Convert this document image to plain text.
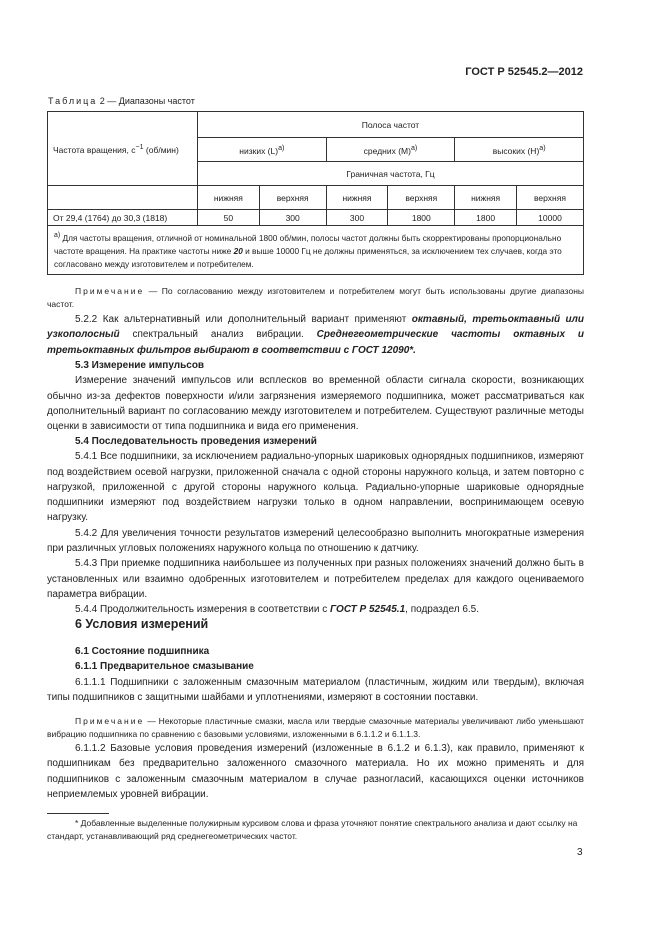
ГОСТ Р 52545.2—2012
Таблица 2 — Диапазоны частот
Частота вращения, $с^{-1}$ (об/мин)	Полоса частот					
	низких $(L)^{a)}$		средних $(M)^{a)}$		высоких $(H)^{a)}$
	Граничная частота, Гц					
	нижняя	верхняя	нижняя	верхняя	нижняя	верхняя
От 29,4 (1764) до 30,3 (1818)	50	300	300	1800	1800	10000
$^{a)}$ Для частоты вращения, отличной от номинальной 1800 об/мин, полосы частот должны быть скорректированы пропорционально частоте вращения. На практике частоты ниже 20 и выше 10000 Гц не должны применяться, за исключением тех случаев, когда это согласовано между изготовителем и потребителем.						

Примечание — По согласованию между изготовителем и потребителем могут быть использованы другие диапазоны частот.

5.2.2 Как альтернативный или дополнительный вариант применяют октавный, третьоктавный или узкополосный спектральный анализ вибрации. Среднегеометрические частоты октавных и третьоктавных фильтров выбирают в соответствии с ГОСТ 12090*.

5.3 Измерение импульсов

Измерение значений импульсов или всплесков во временной области сигнала скорости, возникающих обычно из-за дефектов поверхности и/или загрязнения измеряемого подшипника, может рассматриваться как дополнительный вариант по согласованию между изготовителем и потребителем. Существуют различные методы оценки в зависимости от типа подшипника и вида его применения.

5.4 Последовательность проведения измерений

5.4.1 Все подшипники, за исключением радиально-упорных шариковых однорядных подшипников, измеряют под воздействием осевой нагрузки, приложенной сначала с одной стороны наружного кольца, и затем повторно с нагрузкой, приложенной с другой стороны наружного кольца. Радиально-упорные шариковые однорядные подшипники измеряют под воздействием нагрузки только в одном направлении, воспринимающем осевую нагрузку.

5.4.2 Для увеличения точности результатов измерений целесообразно выполнить многократные измерения при различных угловых положениях наружного кольца по отношению к датчику.

5.4.3 При приемке подшипника наибольшее из полученных при разных положениях значений должно быть в установленных или взаимно одобренных изготовителем и потребителем пределах для каждого оцениваемого параметра вибрации.

5.4.4 Продолжительность измерения в соответствии с ГОСТ Р 52545.1, подраздел 6.5.

6 Условия измерений

6.1 Состояние подшипника

6.1.1 Предварительное смазывание

6.1.1.1 Подшипники с заложенным смазочным материалом (пластичным, жидким или твердым), включая типы подшипников с защитными шайбами и уплотнениями, измеряют в состоянии поставки.

Примечание — Некоторые пластичные смазки, масла или твердые смазочные материалы увеличивают либо уменьшают вибрацию подшипника по сравнению с базовыми условиями, изложенными в 6.1.1.2 и 6.1.1.3.

6.1.1.2 Базовые условия проведения измерений (изложенные в 6.1.2 и 6.1.3), как правило, применяют к подшипникам без предварительно заложенного смазочного материала. Но их можно применять и для подшипников с заложенным смазочным материалом в случае разногласий, касающихся оценки источников неприемлемых уровней вибрации.

* Добавленные выделенные полужирным курсивом слова и фраза уточняют понятие спектрального анализа и дают ссылку на стандарт, устанавливающий ряд среднегеометрических частот.

3
